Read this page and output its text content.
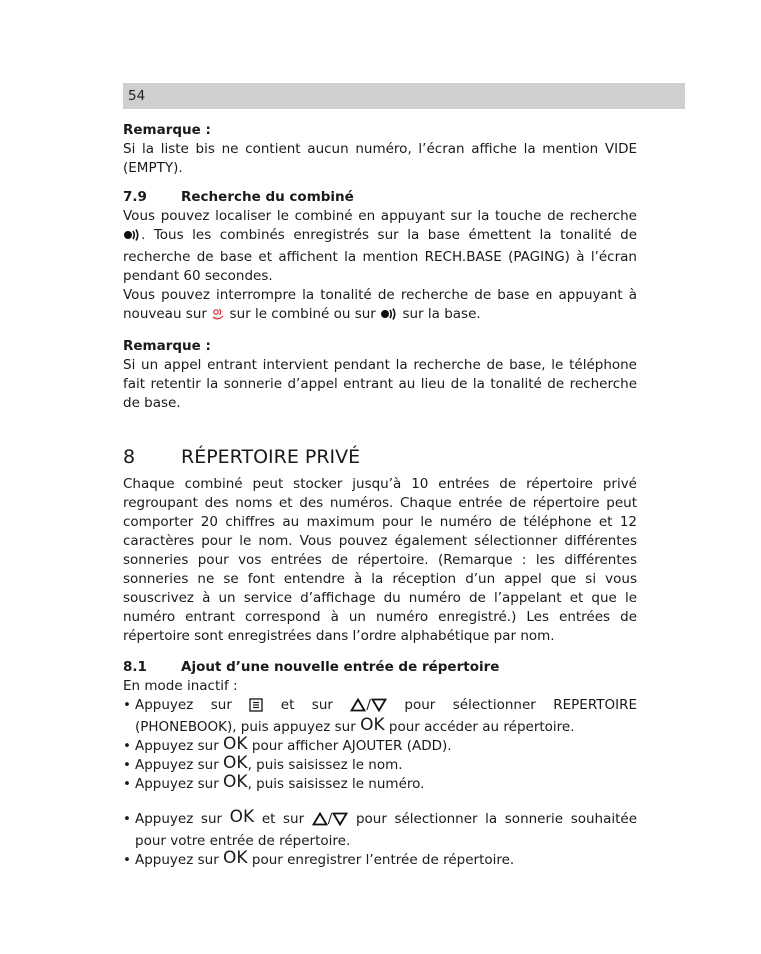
54

Remarque :

Si la liste bis ne contient aucun numéro, l’écran affiche la mention VIDE (EMPTY).

7.9	Recherche du combiné

Vous pouvez localiser le combiné en appuyant sur la touche de recherche . Tous les combinés enregistrés sur la base émettent la tonalité de recherche de base et affichent la mention RECH.BASE (PAGING) à l’écran pendant 60 secondes.

Vous pouvez interrompre la tonalité de recherche de base en appuyant à nouveau sur sur le combiné ou sur sur la base.

Remarque :

Si un appel entrant intervient pendant la recherche de base, le téléphone fait retentir la sonnerie d’appel entrant au lieu de la tonalité de recherche de base.

8	RÉPERTOIRE PRIVÉ

Chaque combiné peut stocker jusqu’à 10 entrées de répertoire privé regroupant des noms et des numéros. Chaque entrée de répertoire peut comporter 20 chiffres au maximum pour le numéro de téléphone et 12 caractères pour le nom. Vous pouvez également sélectionner différentes sonneries pour vos entrées de répertoire. (Remarque : les différentes sonneries ne se font entendre à la réception d’un appel que si vous souscrivez à un service d’affichage du numéro de l’appelant et que le numéro entrant correspond à un numéro enregistré.) Les entrées de répertoire sont enregistrées dans l’ordre alphabétique par nom.

8.1	Ajout d’une nouvelle entrée de répertoire

En mode inactif :

• Appuyez sur	et sur / pour sélectionner REPERTOIRE (PHONEBOOK), puis appuyez sur OK pour accéder au répertoire.
• Appuyez sur OK pour afficher AJOUTER (ADD).
• Appuyez sur OK, puis saisissez le nom.
• Appuyez sur OK, puis saisissez le numéro.
• Appuyez sur OK et sur / pour sélectionner la sonnerie souhaitée pour votre entrée de répertoire.
• Appuyez sur OK pour enregistrer l’entrée de répertoire.
